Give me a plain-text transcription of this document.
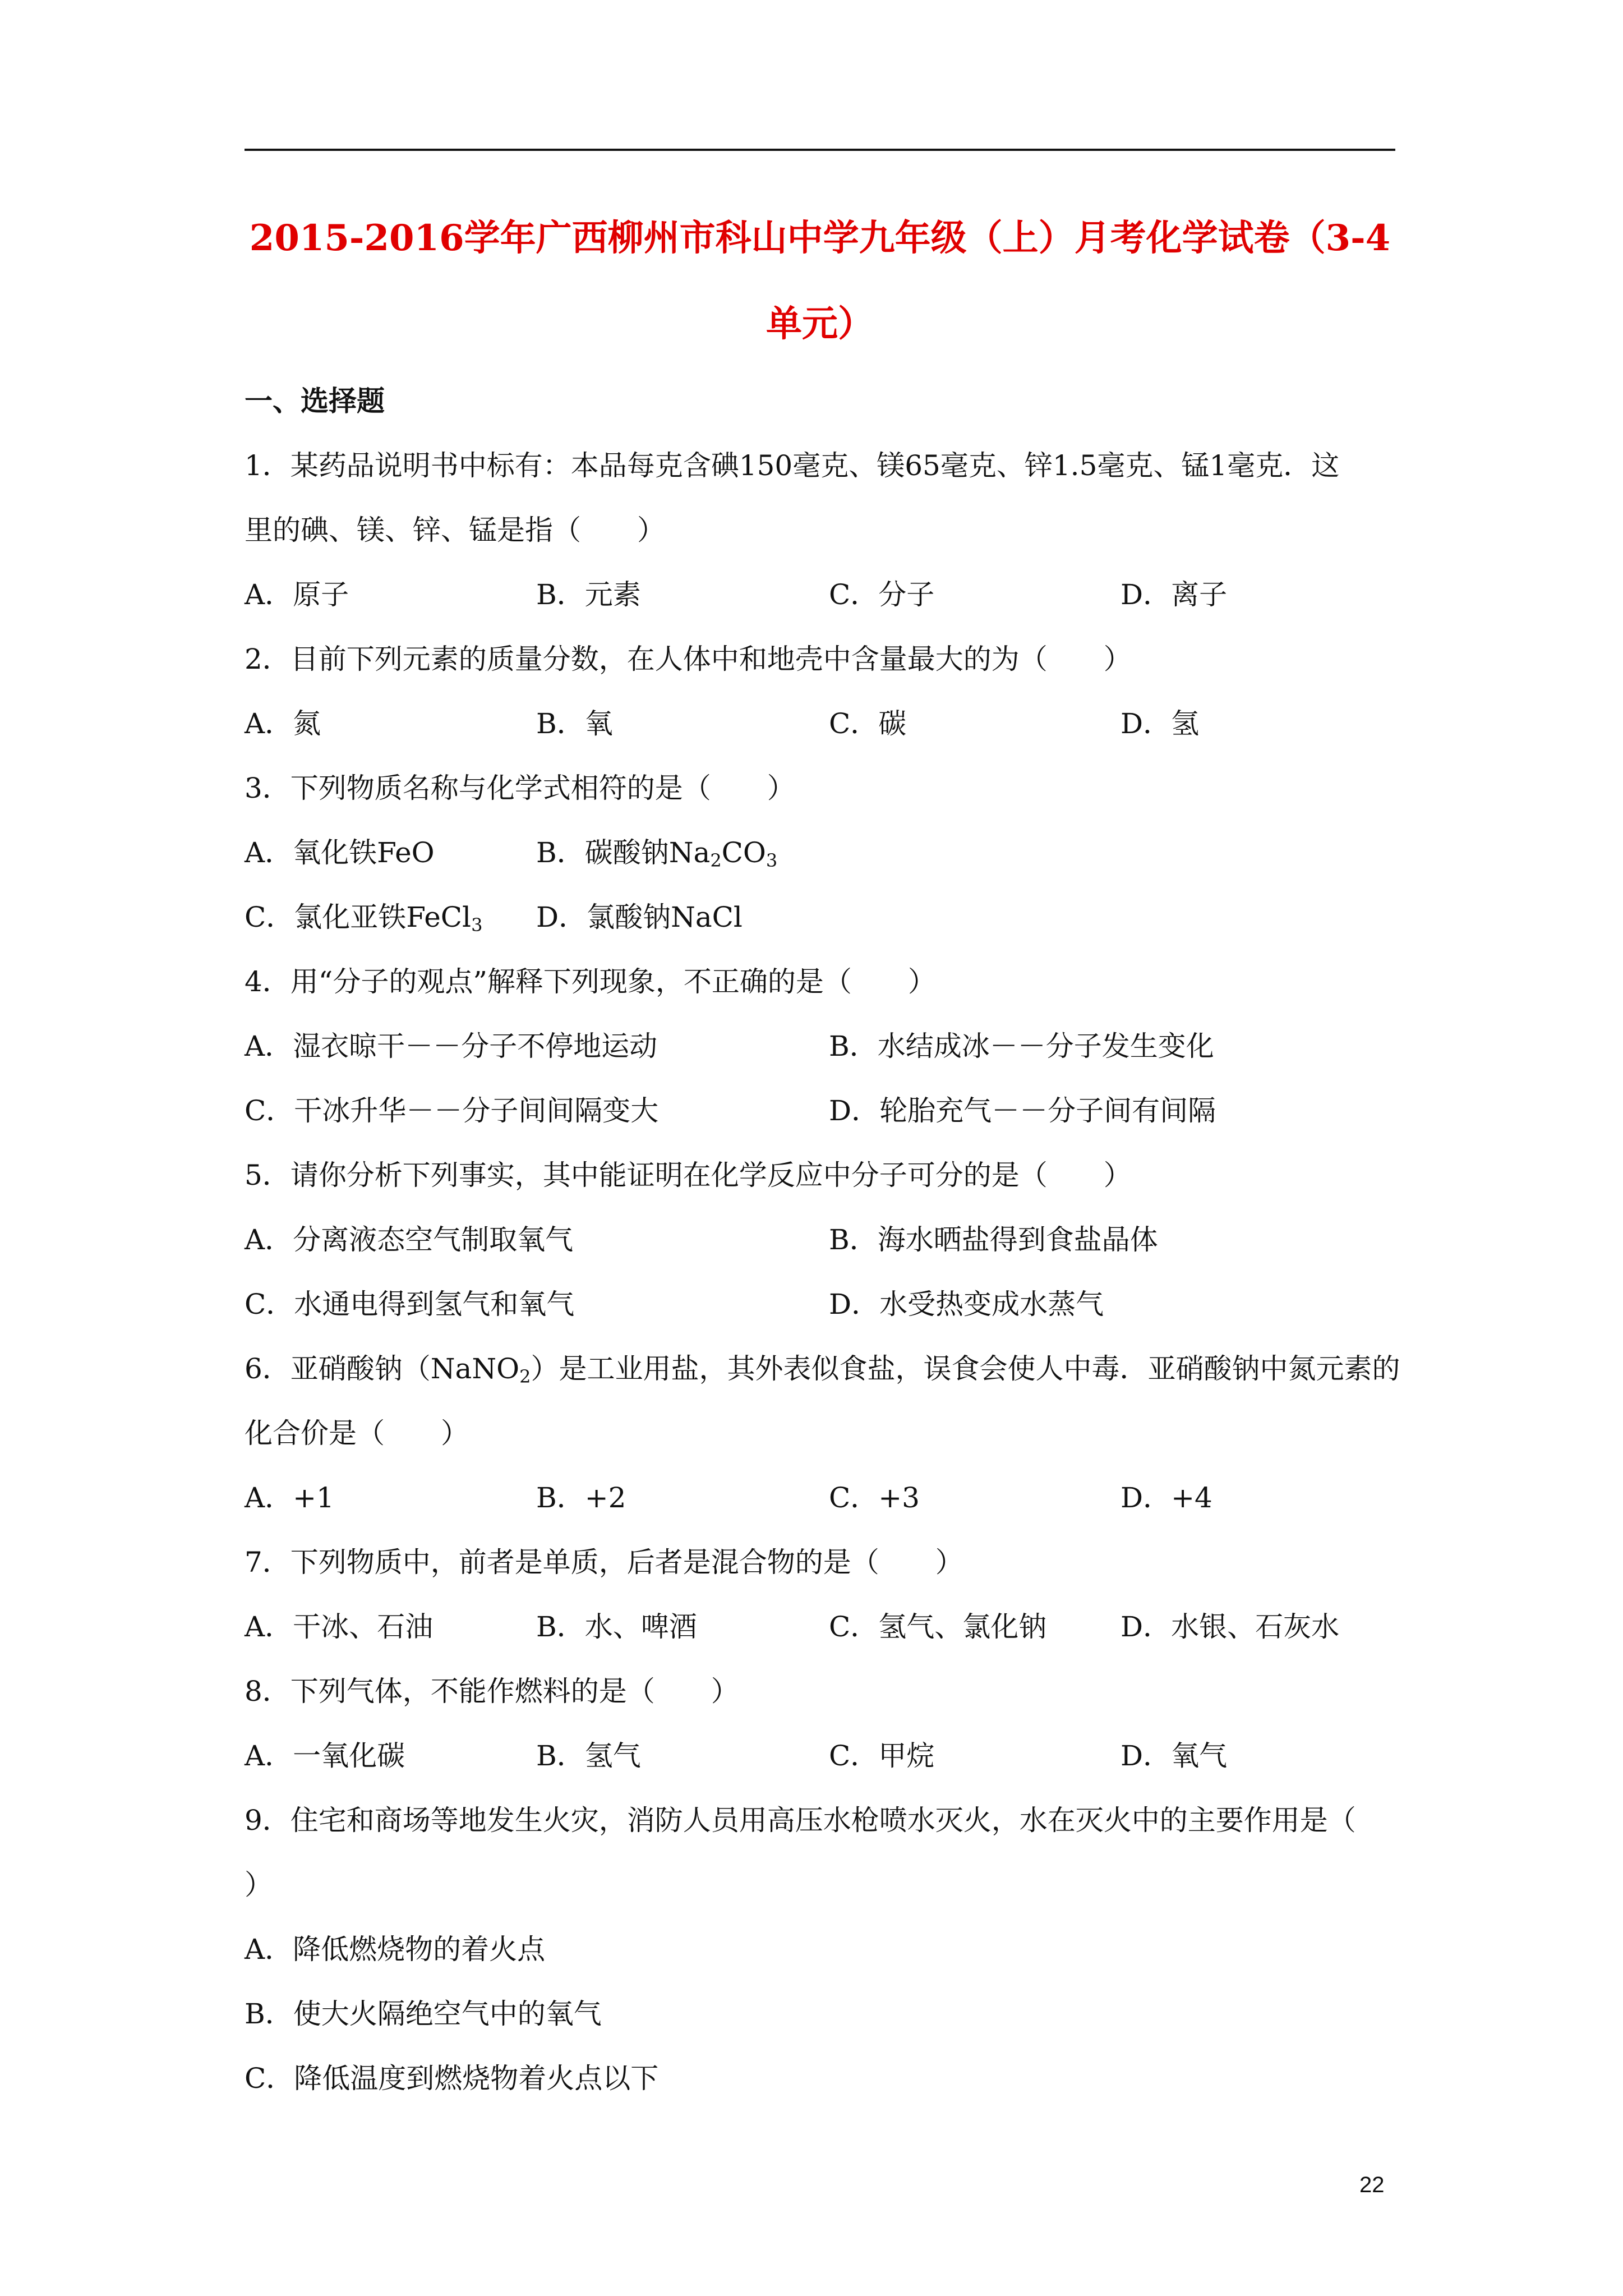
2015-2016学年广西柳州市科山中学九年级（上）月考化学试卷（3-4
单元）
一、选择题
1．某药品说明书中标有：本品每克含碘150毫克、镁65毫克、锌1.5毫克、锰1毫克．这
里的碘、镁、锌、锰是指（　　）
A．原子	B．元素	C．分子	D．离子
2．目前下列元素的质量分数，在人体中和地壳中含量最大的为（　　）
A．氮	B．氧	C．碳	D．氢
3．下列物质名称与化学式相符的是（　　）
A．氧化铁FeO	B．碳酸钠$Na_2CO_3$
C．氯化亚铁FeCl$_3$ D．氯酸钠NaCl
4．用“分子的观点”解释下列现象，不正确的是（　　）
A．湿衣晾干－－分子不停地运动	B．水结成冰－－分子发生变化
C．干冰升华－－分子间间隔变大	D．轮胎充气－－分子间有间隔
5．请你分析下列事实，其中能证明在化学反应中分子可分的是（　　）
A．分离液态空气制取氧气	B．海水晒盐得到食盐晶体
C．水通电得到氢气和氧气	D．水受热变成水蒸气
6．亚硝酸钠（NaNO$_2$）是工业用盐，其外表似食盐，误食会使人中毒．亚硝酸钠中氮元素的
化合价是（　　）
A．+1	B．+2	C．+3	D．+4
7．下列物质中，前者是单质，后者是混合物的是（　　）
A．干冰、石油	B．水、啤酒	C．氢气、氯化钠	D．水银、石灰水
8．下列气体，不能作燃料的是（　　）
A．一氧化碳	B．氢气	C．甲烷	D．氧气
9．住宅和商场等地发生火灾，消防人员用高压水枪喷水灭火，水在灭火中的主要作用是（
）
A．降低燃烧物的着火点
B．使大火隔绝空气中的氧气
C．降低温度到燃烧物着火点以下
22
